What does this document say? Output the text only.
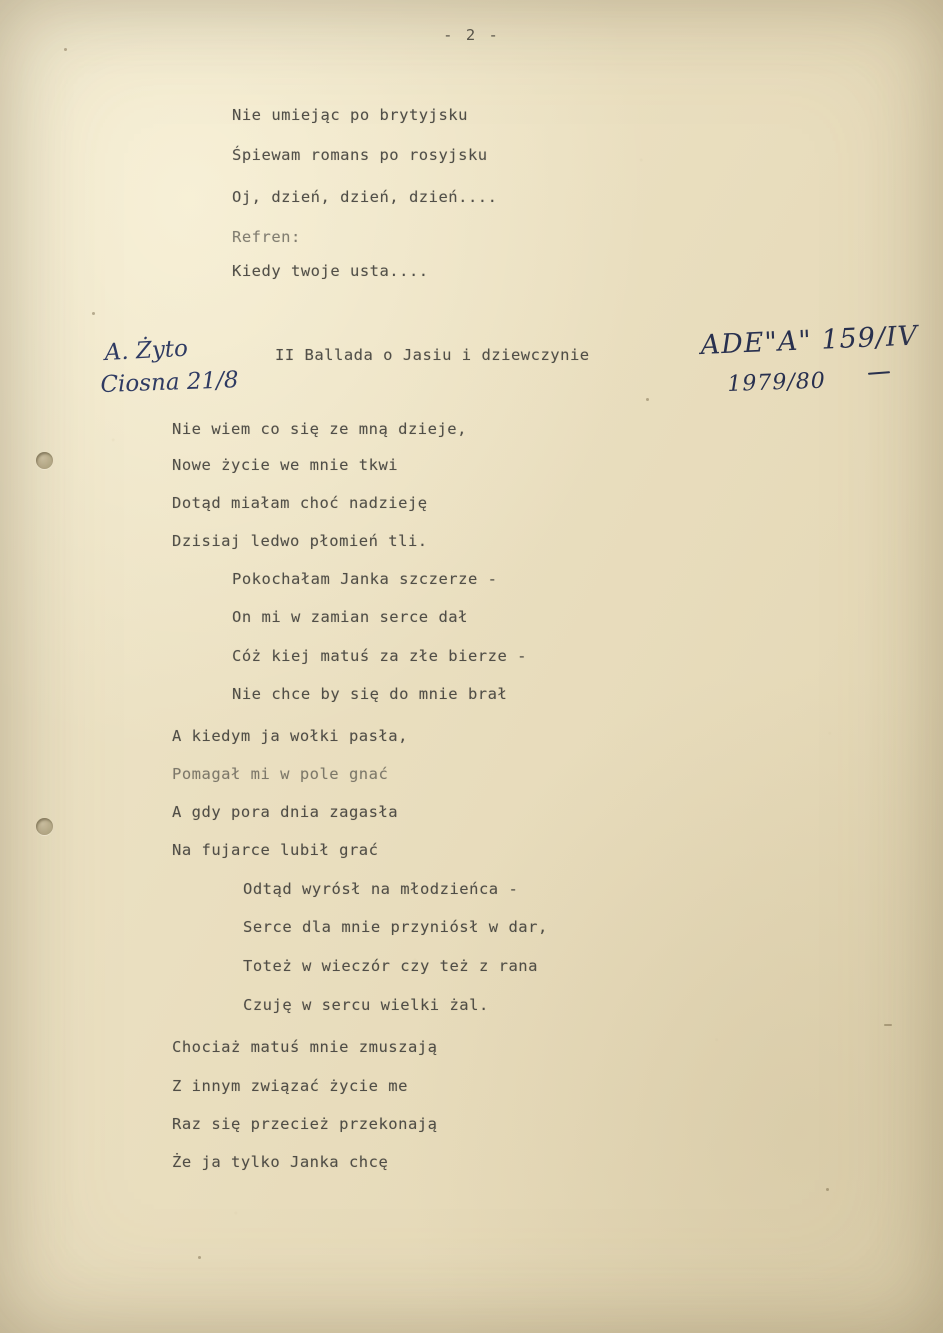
- 2 -
Nie umiejąc po brytyjsku
Śpiewam romans po rosyjsku
Oj, dzień, dzień, dzień....
Refren:
Kiedy twoje usta....
II Ballada o Jasiu i dziewczynie
A. Żyto
Ciosna 21/8
ADE"A" 159/IV
1979/80
Nie wiem co się ze mną dzieje,
Nowe życie we mnie tkwi
Dotąd miałam choć nadzieję
Dzisiaj ledwo płomień tli.
Pokochałam Janka szczerze -
On mi w zamian serce dał
Cóż kiej matuś za złe bierze -
Nie chce by się do mnie brał
A kiedym ja wołki pasła,
Pomagał mi w pole gnać
A gdy pora dnia zagasła
Na fujarce lubił grać
Odtąd wyrósł na młodzieńca -
Serce dla mnie przyniósł w dar,
Toteż w wieczór czy też z rana
Czuję w sercu wielki żal.
Chociaż matuś mnie zmuszają
Z innym związać życie me
Raz się przecież przekonają
Że ja tylko Janka chcę
